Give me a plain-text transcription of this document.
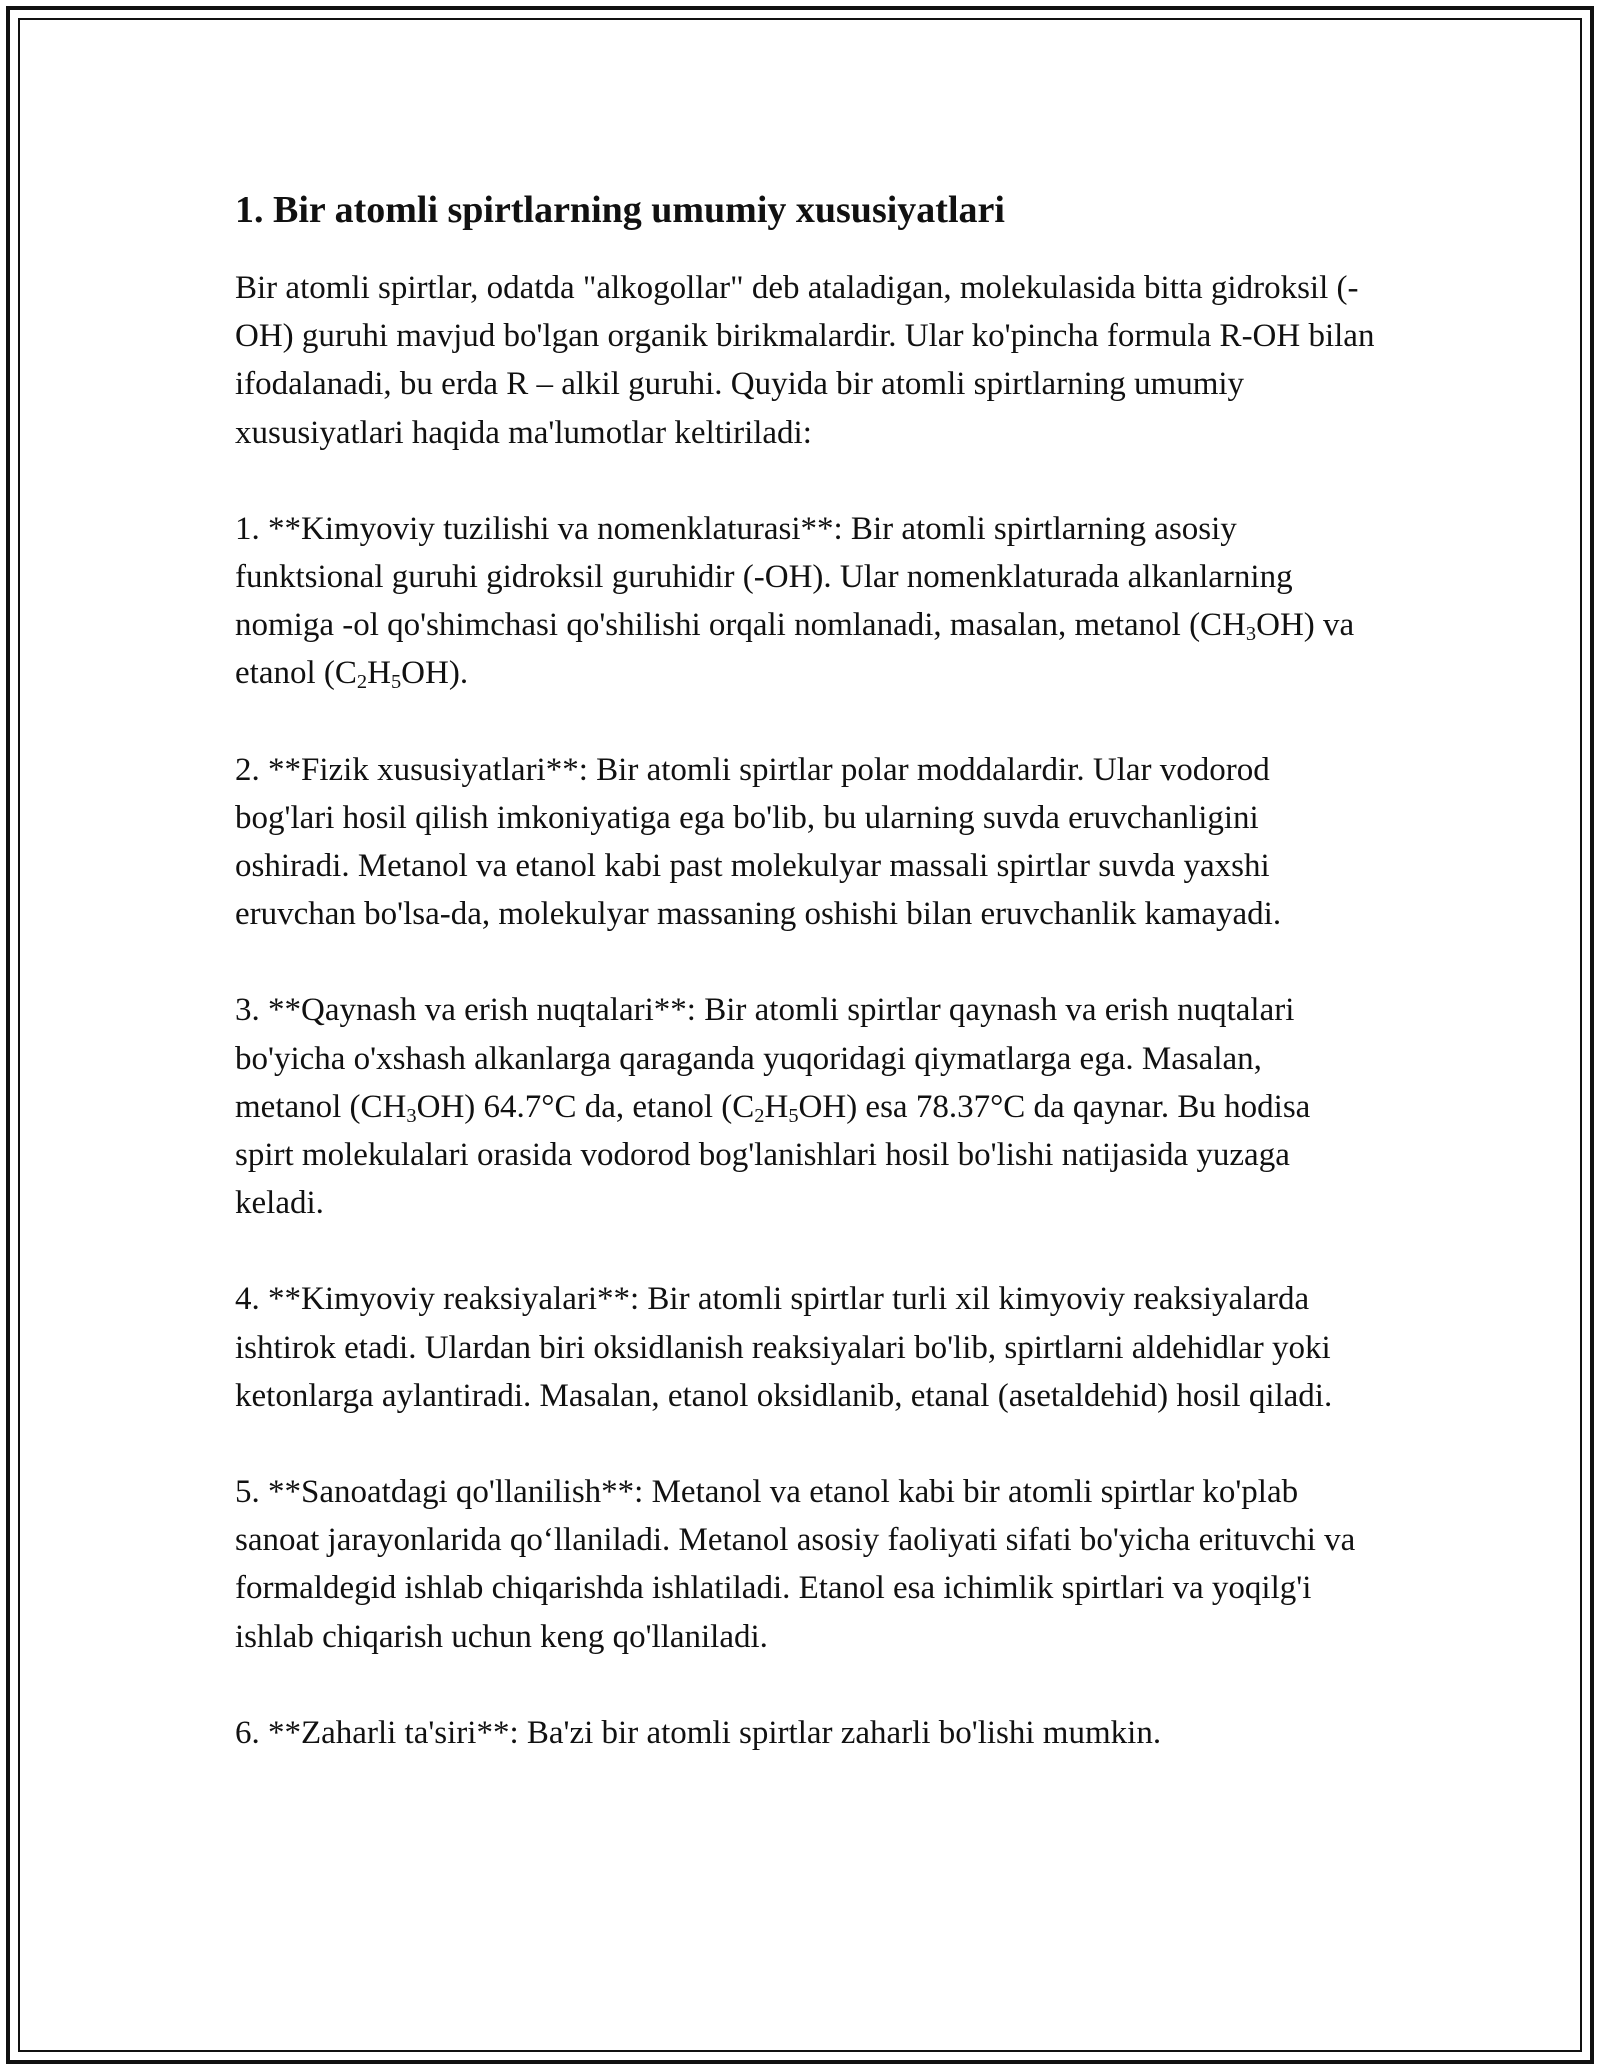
1. Bir atomli spirtlarning umumiy xususiyatlari

Bir atomli spirtlar, odatda "alkogollar" deb ataladigan, molekulasida bitta gidroksil (-OH) guruhi mavjud bo'lgan organik birikmalardir. Ular ko'pincha formula R-OH bilan ifodalanadi, bu erda R – alkil guruhi. Quyida bir atomli spirtlarning umumiy xususiyatlari haqida ma'lumotlar keltiriladi:

1. **Kimyoviy tuzilishi va nomenklaturasi**: Bir atomli spirtlarning asosiy funktsional guruhi gidroksil guruhidir (-OH). Ular nomenklaturada alkanlarning nomiga -ol qo'shimchasi qo'shilishi orqali nomlanadi, masalan, metanol $(CH_3OH)$ va etanol $(C_2H_5OH)$.

2. **Fizik xususiyatlari**: Bir atomli spirtlar polar moddalardir. Ular vodorod bog'lari hosil qilish imkoniyatiga ega bo'lib, bu ularning suvda eruvchanligini oshiradi. Metanol va etanol kabi past molekulyar massali spirtlar suvda yaxshi eruvchan bo'lsa-da, molekulyar massaning oshishi bilan eruvchanlik kamayadi.

3. **Qaynash va erish nuqtalari**: Bir atomli spirtlar qaynash va erish nuqtalari bo'yicha o'xshash alkanlarga qaraganda yuqoridagi qiymatlarga ega. Masalan, metanol $(CH_3OH)$ 64.7°C da, etanol $(C_2H_5OH)$ esa 78.37°C da qaynar. Bu hodisa spirt molekulalari orasida vodorod bog'lanishlari hosil bo'lishi natijasida yuzaga keladi.

4. **Kimyoviy reaksiyalari**: Bir atomli spirtlar turli xil kimyoviy reaksiyalarda ishtirok etadi. Ulardan biri oksidlanish reaksiyalari bo'lib, spirtlarni aldehidlar yoki ketonlarga aylantiradi. Masalan, etanol oksidlanib, etanal (asetaldehid) hosil qiladi.

5. **Sanoatdagi qo'llanilish**: Metanol va etanol kabi bir atomli spirtlar ko'plab sanoat jarayonlarida qo‘llaniladi. Metanol asosiy faoliyati sifati bo'yicha erituvchi va formaldegid ishlab chiqarishda ishlatiladi. Etanol esa ichimlik spirtlari va yoqilg'i ishlab chiqarish uchun keng qo'llaniladi.

6. **Zaharli ta'siri**: Ba'zi bir atomli spirtlar zaharli bo'lishi mumkin.
